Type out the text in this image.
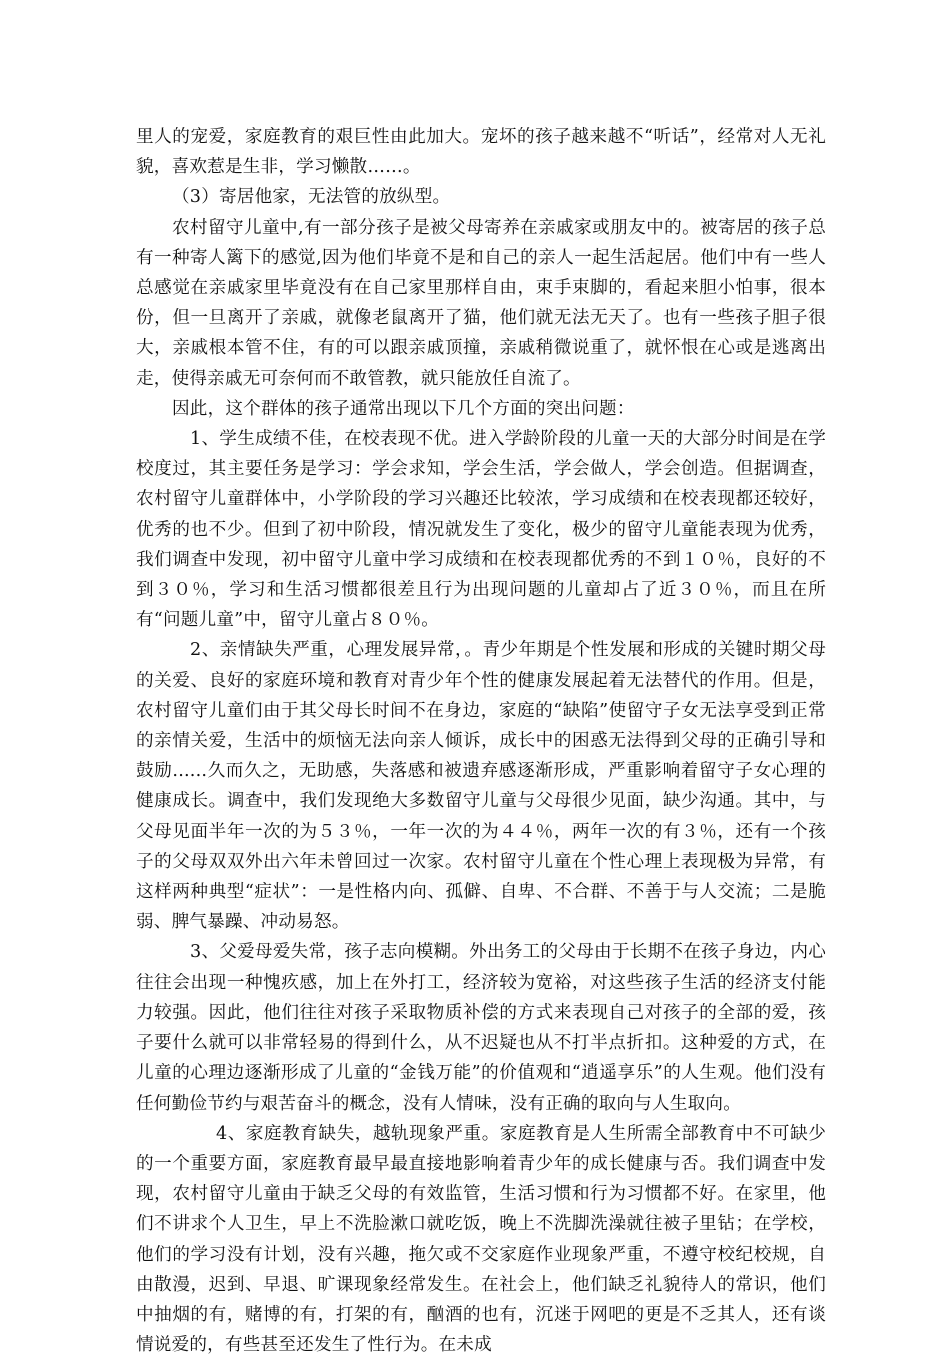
里人的宠爱，家庭教育的艰巨性由此加大。宠坏的孩子越来越不“听话”，经常对人无礼貌，喜欢惹是生非，学习懒散……。

（3）寄居他家，无法管的放纵型。

农村留守儿童中,有一部分孩子是被父母寄养在亲戚家或朋友中的。被寄居的孩子总有一种寄人篱下的感觉,因为他们毕竟不是和自己的亲人一起生活起居。他们中有一些人总感觉在亲戚家里毕竟没有在自己家里那样自由，束手束脚的，看起来胆小怕事，很本份，但一旦离开了亲戚，就像老鼠离开了猫，他们就无法无天了。也有一些孩子胆子很大，亲戚根本管不住，有的可以跟亲戚顶撞，亲戚稍微说重了，就怀恨在心或是逃离出走，使得亲戚无可奈何而不敢管教，就只能放任自流了。

因此，这个群体的孩子通常出现以下几个方面的突出问题：

1、学生成绩不佳，在校表现不优。进入学龄阶段的儿童一天的大部分时间是在学校度过，其主要任务是学习：学会求知，学会生活，学会做人，学会创造。但据调查，农村留守儿童群体中，小学阶段的学习兴趣还比较浓，学习成绩和在校表现都还较好，优秀的也不少。但到了初中阶段，情况就发生了变化，极少的留守儿童能表现为优秀，我们调查中发现，初中留守儿童中学习成绩和在校表现都优秀的不到１０％，良好的不到３０％，学习和生活习惯都很差且行为出现问题的儿童却占了近３０％，而且在所有“问题儿童”中，留守儿童占８０％。

2、亲情缺失严重，心理发展异常，。青少年期是个性发展和形成的关键时期父母的关爱、良好的家庭环境和教育对青少年个性的健康发展起着无法替代的作用。但是，农村留守儿童们由于其父母长时间不在身边，家庭的“缺陷”使留守子女无法享受到正常的亲情关爱，生活中的烦恼无法向亲人倾诉，成长中的困惑无法得到父母的正确引导和鼓励......久而久之，无助感，失落感和被遗弃感逐渐形成，严重影响着留守子女心理的健康成长。调查中，我们发现绝大多数留守儿童与父母很少见面，缺少沟通。其中，与父母见面半年一次的为５３％，一年一次的为４４％，两年一次的有３％，还有一个孩子的父母双双外出六年未曾回过一次家。农村留守儿童在个性心理上表现极为异常，有这样两种典型“症状”：一是性格内向、孤僻、自卑、不合群、不善于与人交流；二是脆弱、脾气暴躁、冲动易怒。

3、父爱母爱失常，孩子志向模糊。外出务工的父母由于长期不在孩子身边，内心往往会出现一种愧疚感，加上在外打工，经济较为宽裕，对这些孩子生活的经济支付能力较强。因此，他们往往对孩子采取物质补偿的方式来表现自己对孩子的全部的爱，孩子要什么就可以非常轻易的得到什么，从不迟疑也从不打半点折扣。这种爱的方式，在儿童的心理边逐渐形成了儿童的“金钱万能”的价值观和“逍遥享乐”的人生观。他们没有任何勤俭节约与艰苦奋斗的概念，没有人情味，没有正确的取向与人生取向。

4、家庭教育缺失，越轨现象严重。家庭教育是人生所需全部教育中不可缺少的一个重要方面，家庭教育最早最直接地影响着青少年的成长健康与否。我们调查中发现，农村留守儿童由于缺乏父母的有效监管，生活习惯和行为习惯都不好。在家里，他们不讲求个人卫生，早上不洗脸漱口就吃饭，晚上不洗脚洗澡就往被子里钻；在学校，他们的学习没有计划，没有兴趣，拖欠或不交家庭作业现象严重，不遵守校纪校规，自由散漫，迟到、早退、旷课现象经常发生。在社会上，他们缺乏礼貌待人的常识，他们中抽烟的有，赌博的有，打架的有，酗酒的也有，沉迷于网吧的更是不乏其人，还有谈情说爱的，有些甚至还发生了性行为。在未成
